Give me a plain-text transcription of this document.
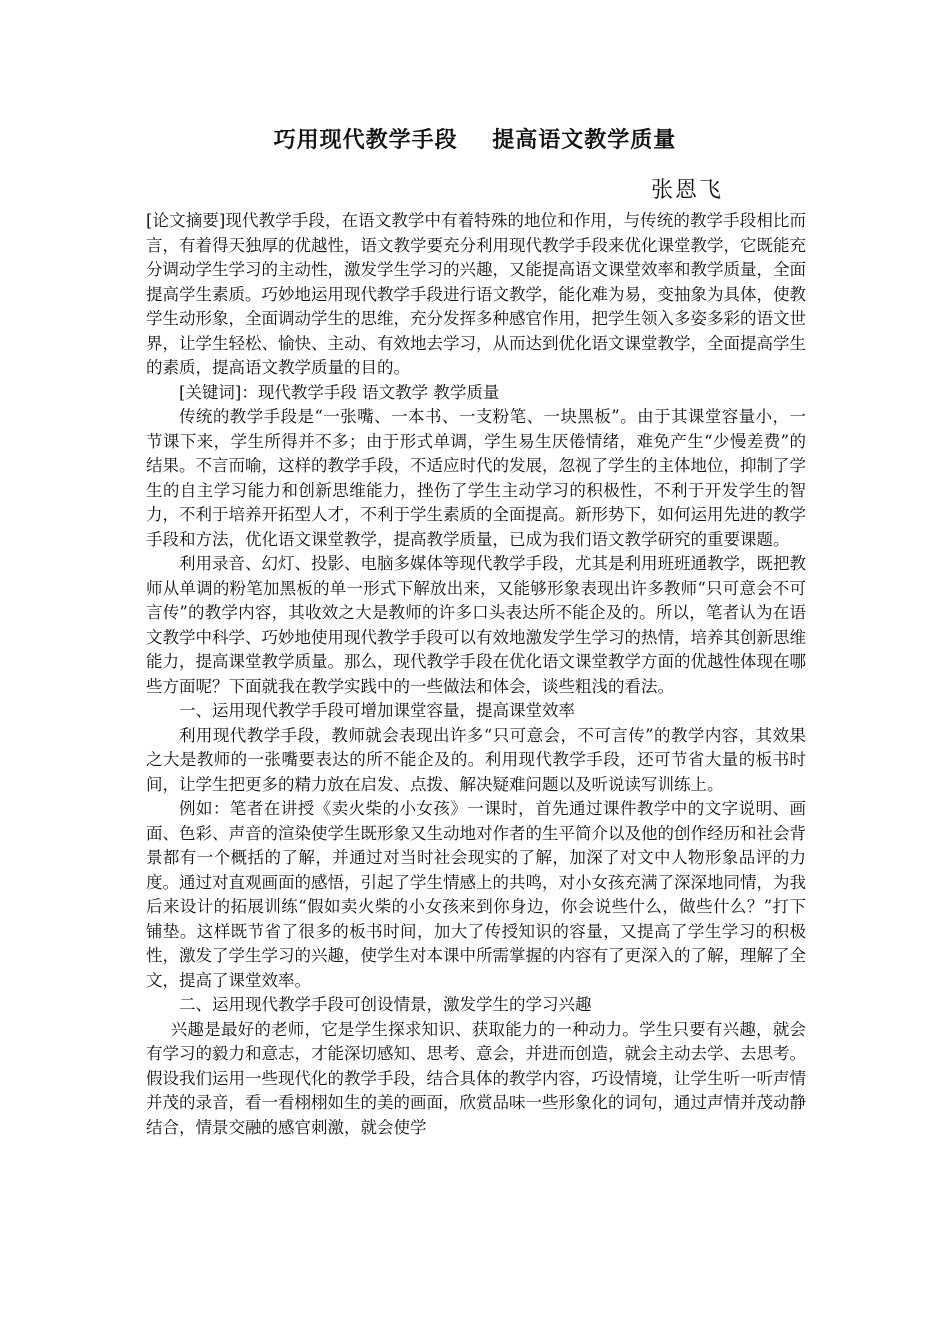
巧用现代教学手段    提高语文教学质量
张恩飞

[论文摘要]现代教学手段，在语文教学中有着特殊的地位和作用，与传统的教学手段相比而言，有着得天独厚的优越性，语文教学要充分利用现代教学手段来优化课堂教学，它既能充分调动学生学习的主动性，激发学生学习的兴趣，又能提高语文课堂效率和教学质量，全面提高学生素质。巧妙地运用现代教学手段进行语文教学，能化难为易，变抽象为具体，使教学生动形象，全面调动学生的思维，充分发挥多种感官作用，把学生领入多姿多彩的语文世界，让学生轻松、愉快、主动、有效地去学习，从而达到优化语文课堂教学，全面提高学生的素质，提高语文教学质量的目的。

[关键词]：现代教学手段 语文教学 教学质量

传统的教学手段是“一张嘴、一本书、一支粉笔、一块黑板”。由于其课堂容量小，一节课下来，学生所得并不多；由于形式单调，学生易生厌倦情绪，难免产生“少慢差费”的结果。不言而喻，这样的教学手段，不适应时代的发展，忽视了学生的主体地位，抑制了学生的自主学习能力和创新思维能力，挫伤了学生主动学习的积极性，不利于开发学生的智力，不利于培养开拓型人才，不利于学生素质的全面提高。新形势下，如何运用先进的教学手段和方法，优化语文课堂教学，提高教学质量，已成为我们语文教学研究的重要课题。

利用录音、幻灯、投影、电脑多媒体等现代教学手段，尤其是利用班班通教学，既把教师从单调的粉笔加黑板的单一形式下解放出来，又能够形象表现出许多教师“只可意会不可言传”的教学内容，其收效之大是教师的许多口头表达所不能企及的。所以，笔者认为在语文教学中科学、巧妙地使用现代教学手段可以有效地激发学生学习的热情，培养其创新思维能力，提高课堂教学质量。那么，现代教学手段在优化语文课堂教学方面的优越性体现在哪些方面呢？下面就我在教学实践中的一些做法和体会，谈些粗浅的看法。

一、运用现代教学手段可增加课堂容量，提高课堂效率

利用现代教学手段，教师就会表现出许多“只可意会，不可言传”的教学内容，其效果之大是教师的一张嘴要表达的所不能企及的。利用现代教学手段，还可节省大量的板书时间，让学生把更多的精力放在启发、点拨、解决疑难问题以及听说读写训练上。

例如：笔者在讲授《卖火柴的小女孩》一课时，首先通过课件教学中的文字说明、画面、色彩、声音的渲染使学生既形象又生动地对作者的生平简介以及他的创作经历和社会背景都有一个概括的了解，并通过对当时社会现实的了解，加深了对文中人物形象品评的力度。通过对直观画面的感悟，引起了学生情感上的共鸣，对小女孩充满了深深地同情，为我后来设计的拓展训练“假如卖火柴的小女孩来到你身边，你会说些什么，做些什么？”打下铺垫。这样既节省了很多的板书时间，加大了传授知识的容量，又提高了学生学习的积极性，激发了学生学习的兴趣，使学生对本课中所需掌握的内容有了更深入的了解，理解了全文，提高了课堂效率。

二、运用现代教学手段可创设情景，激发学生的学习兴趣

兴趣是最好的老师，它是学生探求知识、获取能力的一种动力。学生只要有兴趣，就会有学习的毅力和意志，才能深切感知、思考、意会，并进而创造，就会主动去学、去思考。假设我们运用一些现代化的教学手段，结合具体的教学内容，巧设情境，让学生听一听声情并茂的录音，看一看栩栩如生的美的画面，欣赏品味一些形象化的词句，通过声情并茂动静结合，情景交融的感官刺激，就会使学
